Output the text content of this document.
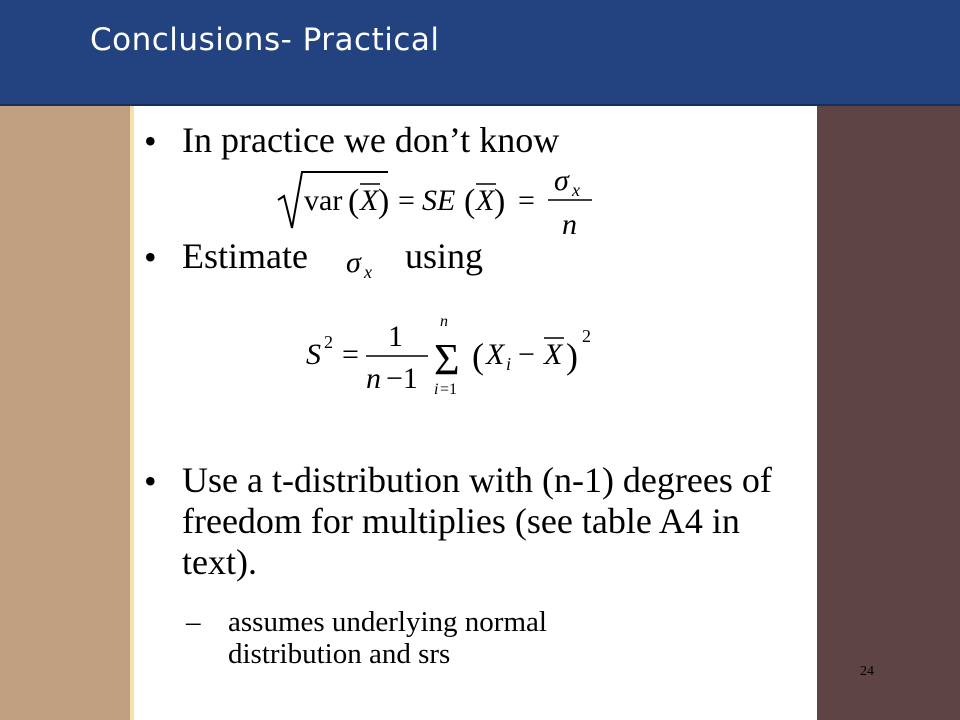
Conclusions- Practical
• In practice we don’t know
var ( X ) = SE ( X ) =
σ x
n
• Estimate σ x using
S 2 =
1
n −1
n
Σ
i =1
( X i − X ) 2
• Use a t-distribution with (n-1) degrees of freedom for multiplies (see table A4 in text).
– assumes underlying normal distribution and srs
24
